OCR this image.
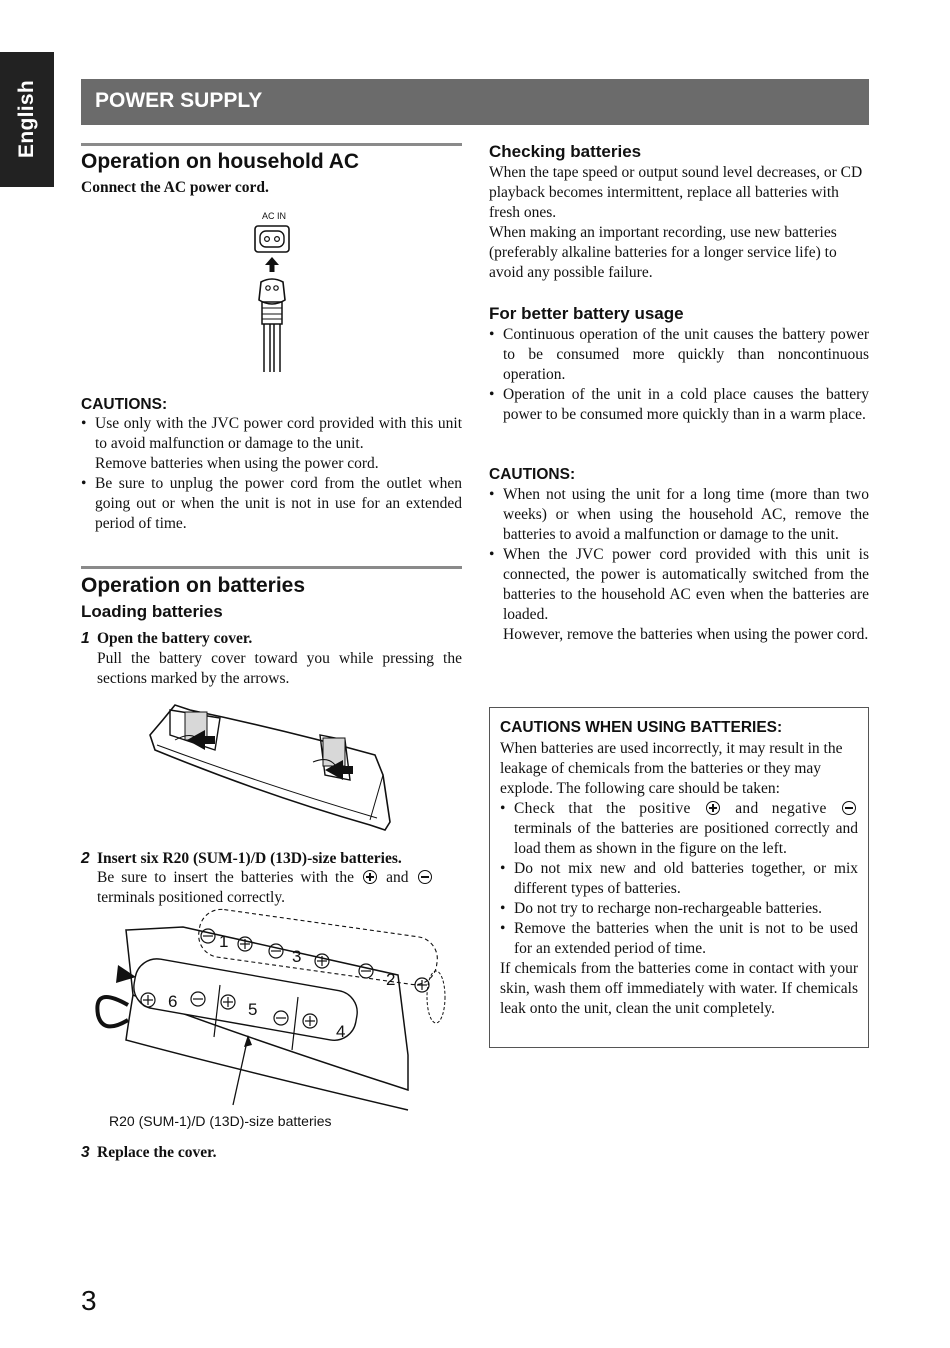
English	POWER SUPPLY
Operation on household AC
Connect the AC power cord.
AC IN
CAUTIONS:
• Use only with the JVC power cord provided with this unit to avoid malfunction or damage to the unit.
Remove batteries when using the power cord.
• Be sure to unplug the power cord from the outlet when going out or when the unit is not in use for an extended period of time.
Operation on batteries
Loading batteries
1 Open the battery cover.
Pull the battery cover toward you while pressing the sections marked by the arrows.
2 Insert six R20 (SUM-1)/D (13D)-size batteries.
Be sure to insert the batteries with the and
terminals positioned correctly.
1
2
3
4
5
6
R20 (SUM-1)/D (13D)-size batteries
3 Replace the cover.
Checking batteries
When the tape speed or output sound level decreases, or CD playback becomes intermittent, replace all batteries with fresh ones.
When making an important recording, use new batteries (preferably alkaline batteries for a longer service life) to avoid any possible failure.
For better battery usage
• Continuous operation of the unit causes the battery power to be consumed more quickly than noncontinuous operation.
• Operation of the unit in a cold place causes the battery power to be consumed more quickly than in a warm place.
CAUTIONS:
• When not using the unit for a long time (more than two weeks) or when using the household AC, remove the batteries to avoid a malfunction or damage to the unit.
• When the JVC power cord provided with this unit is connected, the power is automatically switched from the batteries to the household AC even when the batteries are loaded.
However, remove the batteries when using the power cord.
CAUTIONS WHEN USING BATTERIES:
When batteries are used incorrectly, it may result in the leakage of chemicals from the batteries or they may explode. The following care should be taken:
• Check that the positive	and negative  terminals of the batteries are positioned correctly and load them as shown in the figure on the left.
• Do not mix new and old batteries together, or mix different types of batteries.
• Do not try to recharge non-rechargeable batteries.
• Remove the batteries when the unit is not to be used for an extended period of time.
If chemicals from the batteries come in contact with your skin, wash them off immediately with water. If chemicals leak onto the unit, clean the unit completely.
3
